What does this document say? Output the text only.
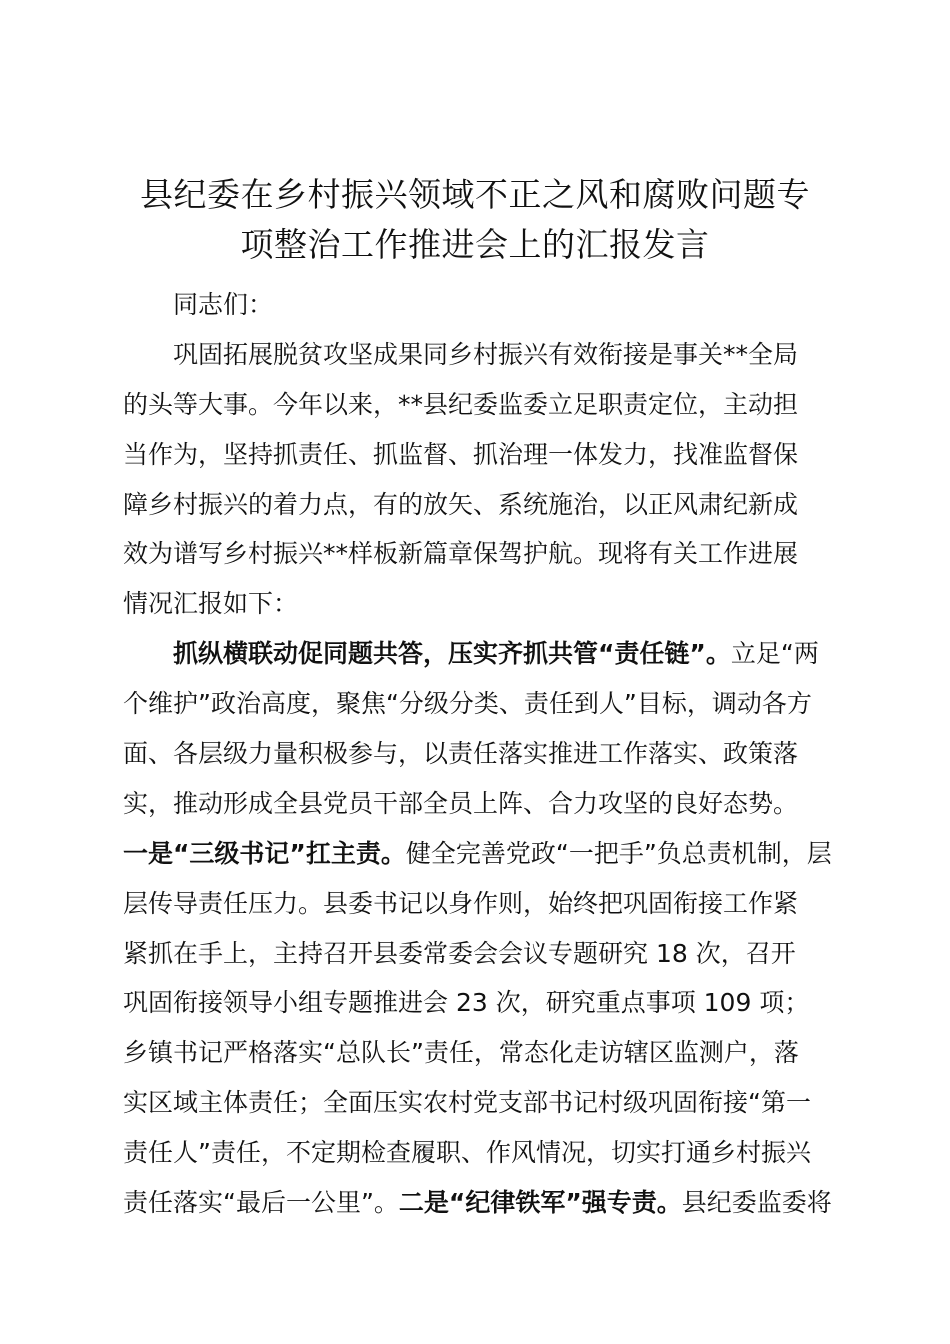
县纪委在乡村振兴领域不正之风和腐败问题专
项整治工作推进会上的汇报发言
同志们：
巩固拓展脱贫攻坚成果同乡村振兴有效衔接是事关**全局
的头等大事。今年以来，**县纪委监委立足职责定位，主动担
当作为，坚持抓责任、抓监督、抓治理一体发力，找准监督保
障乡村振兴的着力点，有的放矢、系统施治，以正风肃纪新成
效为谱写乡村振兴**样板新篇章保驾护航。现将有关工作进展
情况汇报如下：
抓纵横联动促同题共答，压实齐抓共管“责任链”。立足“两
个维护”政治高度，聚焦“分级分类、责任到人”目标，调动各方
面、各层级力量积极参与，以责任落实推进工作落实、政策落
实，推动形成全县党员干部全员上阵、合力攻坚的良好态势。
一是“三级书记”扛主责。健全完善党政“一把手”负总责机制，层
层传导责任压力。县委书记以身作则，始终把巩固衔接工作紧
紧抓在手上，主持召开县委常委会会议专题研究 18 次，召开
巩固衔接领导小组专题推进会 23 次，研究重点事项 109 项；
乡镇书记严格落实“总队长”责任，常态化走访辖区监测户，落
实区域主体责任；全面压实农村党支部书记村级巩固衔接“第一
责任人”责任，不定期检查履职、作风情况，切实打通乡村振兴
责任落实“最后一公里”。二是“纪律铁军”强专责。县纪委监委将
